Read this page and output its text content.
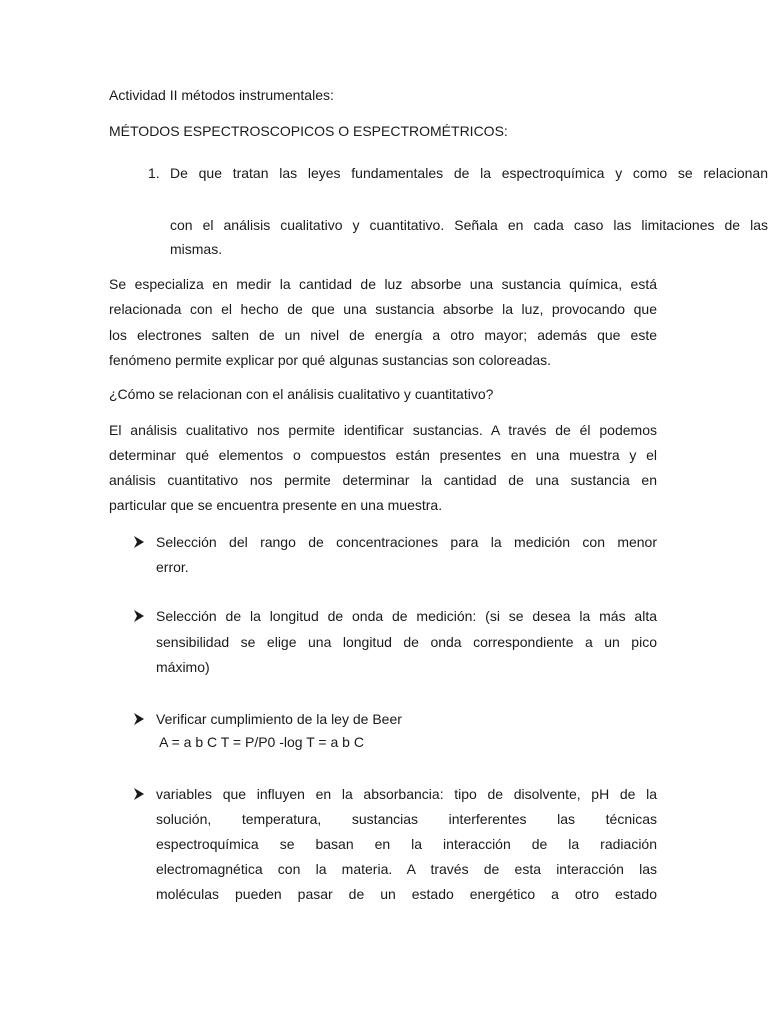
Actividad II métodos instrumentales:
MÉTODOS ESPECTROSCOPICOS O ESPECTROMÉTRICOS:
1. De que tratan las leyes fundamentales de la espectroquímica y como se relacionan
con el análisis cualitativo y cuantitativo. Señala en cada caso las limitaciones de las
mismas.
Se especializa en medir la cantidad de luz absorbe una sustancia química, está
relacionada con el hecho de que una sustancia absorbe la luz, provocando que
los electrones salten de un nivel de energía a otro mayor; además que este
fenómeno permite explicar por qué algunas sustancias son coloreadas.
¿Cómo se relacionan con el análisis cualitativo y cuantitativo?
El análisis cualitativo nos permite identificar sustancias. A través de él podemos
determinar qué elementos o compuestos están presentes en una muestra y el
análisis cuantitativo nos permite determinar la cantidad de una sustancia en
particular que se encuentra presente en una muestra.
Selección del rango de concentraciones para la medición con menor
error.
Selección de la longitud de onda de medición: (si se desea la más alta
sensibilidad se elige una longitud de onda correspondiente a un pico
máximo)
Verificar cumplimiento de la ley de Beer
A = a b C T = P/P0 -log T = a b C
variables que influyen en la absorbancia: tipo de disolvente, pH de la
solución, temperatura, sustancias interferentes las técnicas
espectroquímica se basan en la interacción de la radiación
electromagnética con la materia. A través de esta interacción las
moléculas pueden pasar de un estado energético a otro estado
